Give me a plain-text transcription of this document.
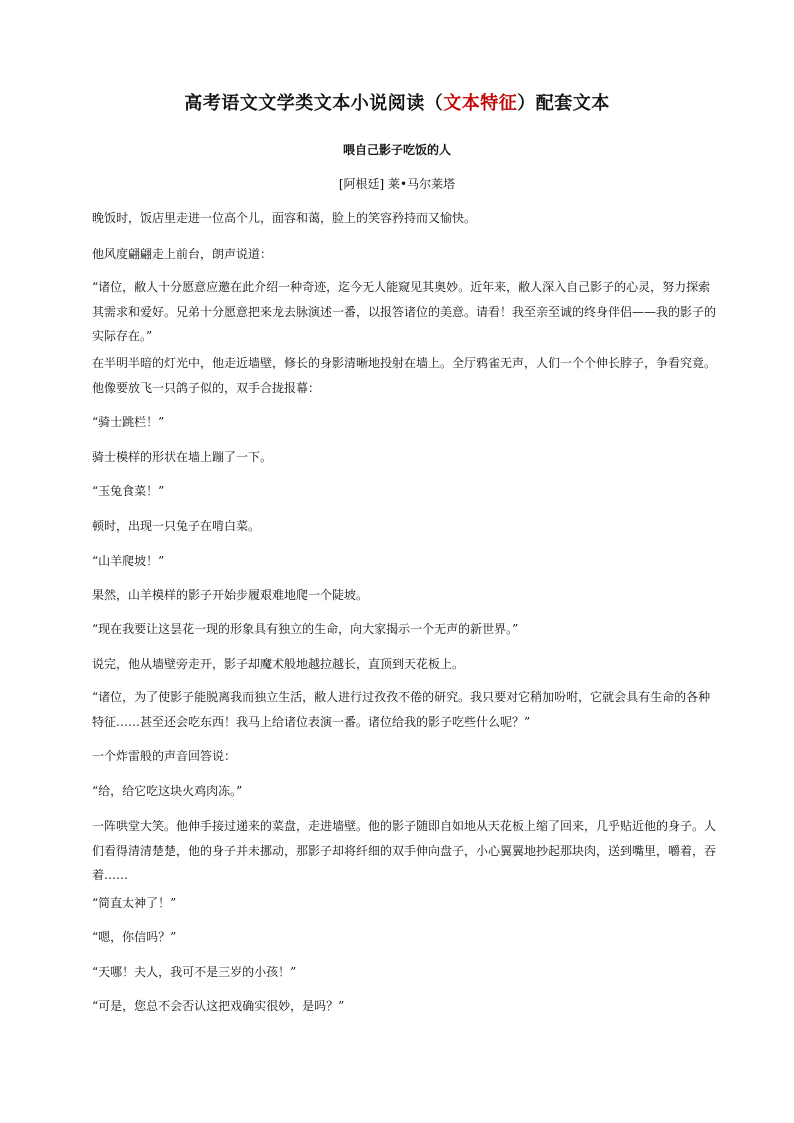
高考语文文学类文本小说阅读（文本特征）配套文本
喂自己影子吃饭的人
[阿根廷] 莱•马尔莱塔

晚饭时，饭店里走进一位高个儿，面容和蔼，脸上的笑容矜持而又愉快。

他风度翩翩走上前台，朗声说道：

“诸位，敝人十分愿意应邀在此介绍一种奇迹，迄今无人能窥见其奥妙。近年来，敝人深入自己影子的心灵，努力探索其需求和爱好。兄弟十分愿意把来龙去脉演述一番，以报答诸位的美意。请看！我至亲至诚的终身伴侣——我的影子的实际存在。”

在半明半暗的灯光中，他走近墙壁，修长的身影清晰地投射在墙上。全厅鸦雀无声，人们一个个伸长脖子，争看究竟。他像要放飞一只鸽子似的，双手合拢报幕：

“骑士跳栏！”

骑士模样的形状在墙上蹦了一下。

“玉兔食菜！”

顿时，出现一只兔子在啃白菜。

“山羊爬坡！”

果然，山羊模样的影子开始步履艰难地爬一个陡坡。

“现在我要让这昙花一现的形象具有独立的生命，向大家揭示一个无声的新世界。”

说完，他从墙壁旁走开，影子却魔术般地越拉越长，直顶到天花板上。

“诸位，为了使影子能脱离我而独立生活，敝人进行过孜孜不倦的研究。我只要对它稍加吩咐，它就会具有生命的各种特征……甚至还会吃东西！我马上给诸位表演一番。诸位给我的影子吃些什么呢？”

一个炸雷般的声音回答说：

“给，给它吃这块火鸡肉冻。”

一阵哄堂大笑。他伸手接过递来的菜盘，走进墙壁。他的影子随即自如地从天花板上缩了回来，几乎贴近他的身子。人们看得清清楚楚，他的身子并未挪动，那影子却将纤细的双手伸向盘子，小心翼翼地抄起那块肉，送到嘴里，嚼着，吞着……

“简直太神了！”

“嗯，你信吗？”

“天哪！夫人，我可不是三岁的小孩！”

“可是，您总不会否认这把戏确实很妙，是吗？”
